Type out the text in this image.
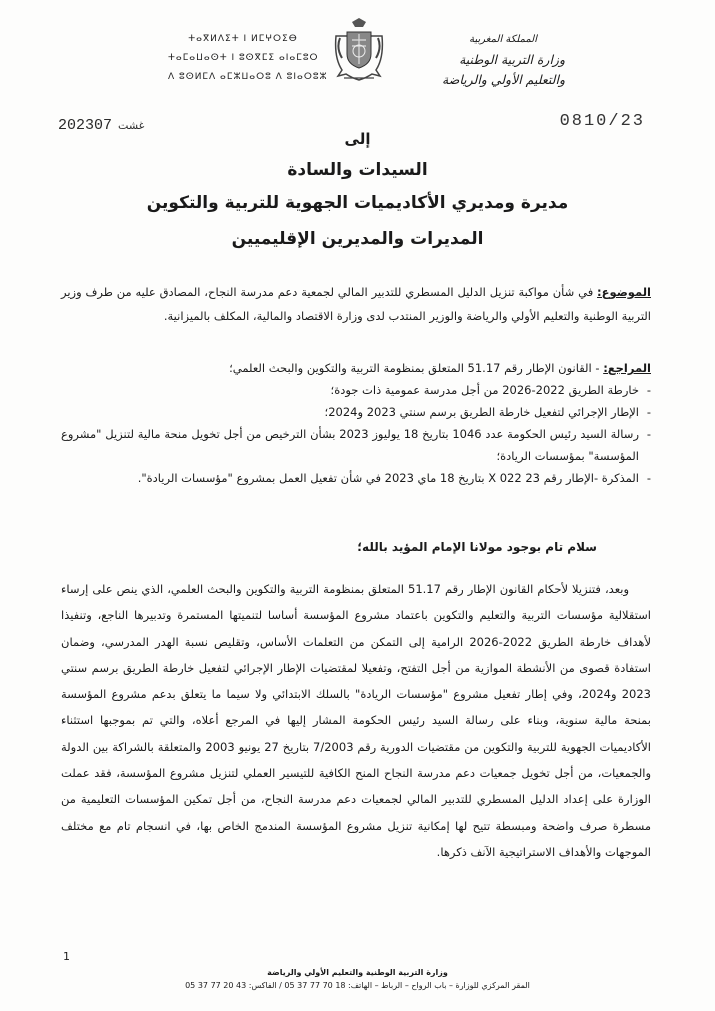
المملكة المغربية
وزارة التربية الوطنية
والتعليم الأولي والرياضة
ⵜⴰⴳⵍⴷⵉⵜ ⵏ ⵍⵎⵖⵔⵉⴱ
ⵜⴰⵎⴰⵡⴰⵙⵜ ⵏ ⵓⵙⴳⵎⵉ ⴰⵏⴰⵎⵓⵔ
ⴷ ⵓⵙⵍⵎⴷ ⴰⵎⵣⵡⴰⵔⵓ ⴷ ⵓⵏⴰⵔⵓⵣ
2023 غشت07	0810/23
إلى
السيدات والسادة
مديرة ومديري الأكاديميات الجهوية للتربية والتكوين
المديرات والمديرين الإقليميين
الموضوع: في شأن مواكبة تنزيل الدليل المسطري للتدبير المالي لجمعية دعم مدرسة النجاح، المصادق عليه من طرف وزير التربية الوطنية والتعليم الأولي والرياضة والوزير المنتدب لدى وزارة الاقتصاد والمالية، المكلف بالميزانية.
المراجع: - القانون الإطار رقم 51.17 المتعلق بمنظومة التربية والتكوين والبحث العلمي؛
- خارطة الطريق 2022-2026 من أجل مدرسة عمومية ذات جودة؛
- الإطار الإجرائي لتفعيل خارطة الطريق برسم سنتي 2023 و2024؛
- رسالة السيد رئيس الحكومة عدد 1046 بتاريخ 18 يوليوز 2023 بشأن الترخيص من أجل تخويل منحة مالية لتنزيل "مشروع المؤسسة" بمؤسسات الريادة؛
- المذكرة -الإطار رقم 23 X 022 بتاريخ 18 ماي 2023 في شأن تفعيل العمل بمشروع "مؤسسات الريادة".
سلام تام بوجود مولانا الإمام المؤيد بالله؛
وبعد، فتنزيلا لأحكام القانون الإطار رقم 51.17 المتعلق بمنظومة التربية والتكوين والبحث العلمي، الذي ينص على إرساء استقلالية مؤسسات التربية والتعليم والتكوين باعتماد مشروع المؤسسة أساسا لتنميتها المستمرة وتدبيرها الناجع، وتنفيذا لأهداف خارطة الطريق 2022-2026 الرامية إلى التمكن من التعلمات الأساس، وتقليص نسبة الهدر المدرسي، وضمان استفادة قصوى من الأنشطة الموازية من أجل التفتح، وتفعيلا لمقتضيات الإطار الإجرائي لتفعيل خارطة الطريق برسم سنتي 2023 و2024، وفي إطار تفعيل مشروع "مؤسسات الريادة" بالسلك الابتدائي ولا سيما ما يتعلق بدعم مشروع المؤسسة بمنحة مالية سنوية، وبناء على رسالة السيد رئيس الحكومة المشار إليها في المرجع أعلاه، والتي تم بموجبها استثناء الأكاديميات الجهوية للتربية والتكوين من مقتضيات الدورية رقم 7/2003 بتاريخ 27 يونيو 2003 والمتعلقة بالشراكة بين الدولة والجمعيات، من أجل تخويل جمعيات دعم مدرسة النجاح المنح الكافية للتيسير العملي لتنزيل مشروع المؤسسة، فقد عملت الوزارة على إعداد الدليل المسطري للتدبير المالي لجمعيات دعم مدرسة النجاح، من أجل تمكين المؤسسات التعليمية من مسطرة صرف واضحة ومبسطة تتيح لها إمكانية تنزيل مشروع المؤسسة المندمج الخاص بها، في انسجام تام مع مختلف الموجهات والأهداف الاستراتيجية الآنف ذكرها.
1
وزارة التربية الوطنية والتعليم الأولي والرياضة
المقر المركزي للوزارة – باب الرواح – الرباط – الهاتف: 18 70 77 37 05 / الفاكس: 43 20 77 37 05
